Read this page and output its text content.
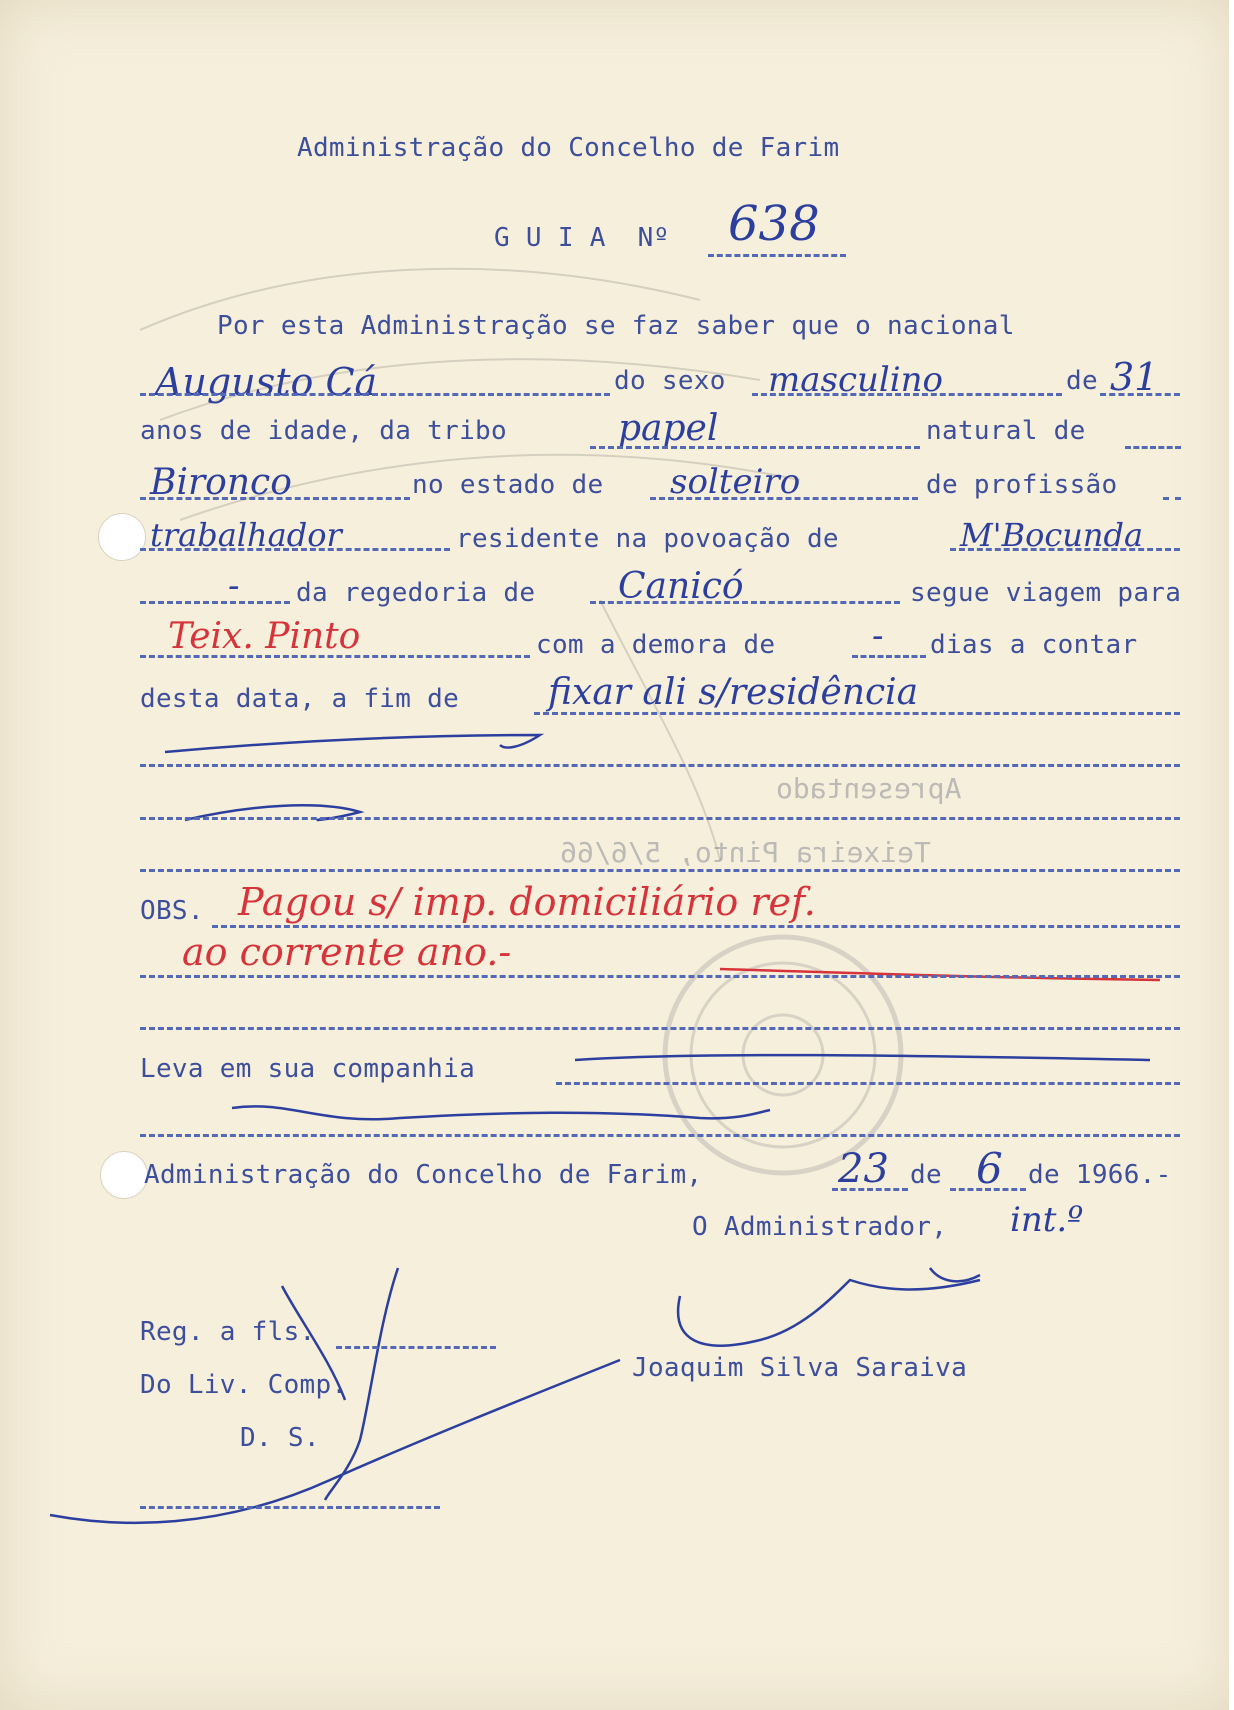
Apresentado
Teixeira Pinto, 5/6/66
Administração do Concelho de Farim
G U I A  Nº 638
Por esta Administração se faz saber que o nacional
Augusto Cá	do sexo masculino	de 31
anos de idade, da tribo	papel	natural de
Bironco	no estado de solteiro	de profissão
trabalhador	residente na povoação de	M'Bocunda
- da regedoria de Canicó	segue viagem para
Teix. Pinto	com a demora de	- dias a contar
desta data, a fim de fixar ali s/residência
OBS. Pagou s/ imp. domiciliário ref.
ao corrente ano.-
Leva em sua companhia
Administração do Concelho de Farim,	23 de 6 de 1966.-
O Administrador, int.º
Reg. a fls.
Do Liv. Comp.
D. S.
Joaquim Silva Saraiva
